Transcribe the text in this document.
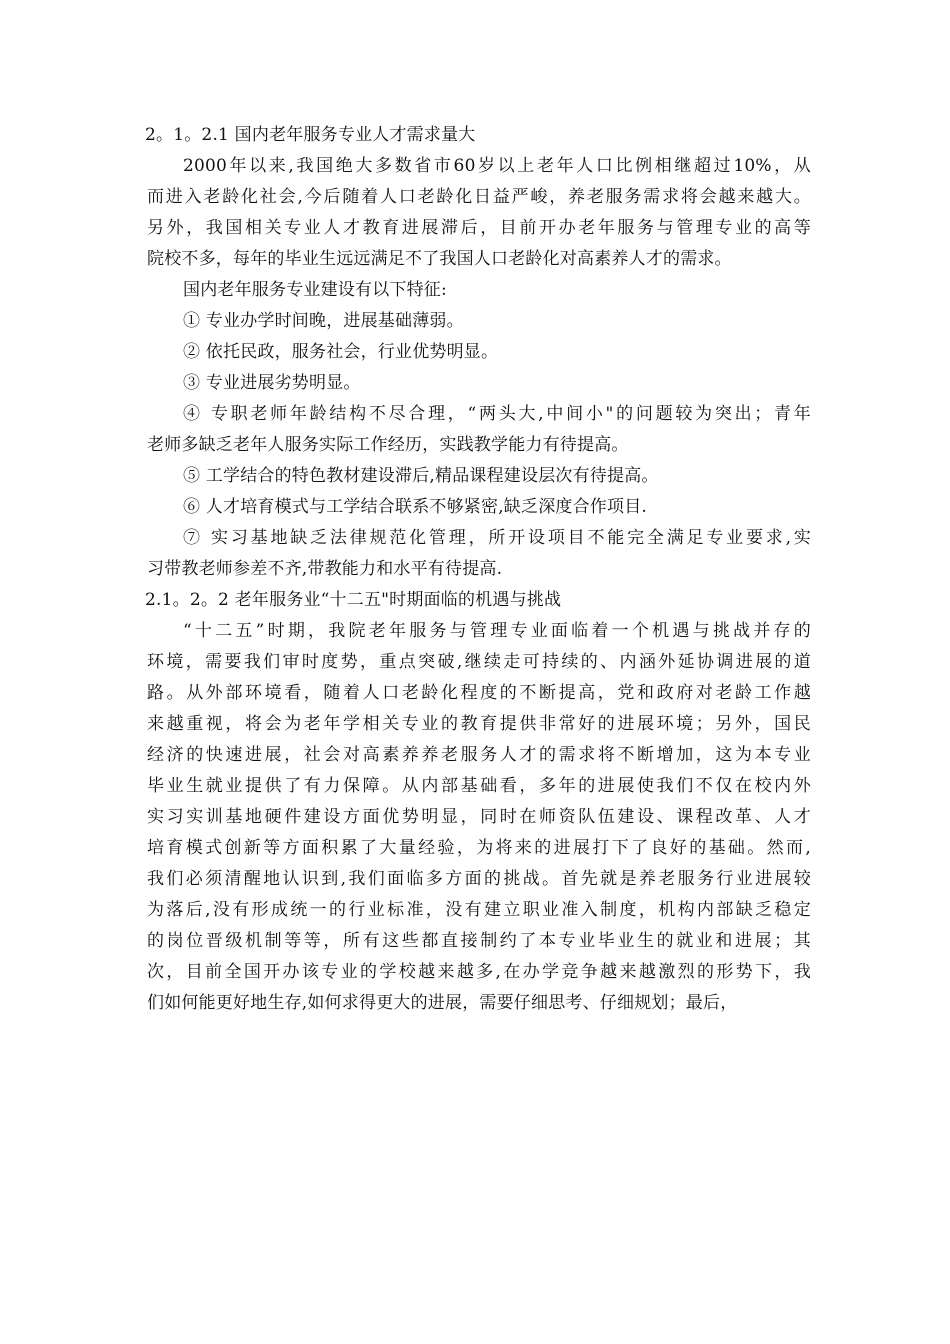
2。1。2.1 国内老年服务专业人才需求量大
2000年以来,我国绝大多数省市60岁以上老年人口比例相继超过10%，从
而进入老龄化社会,今后随着人口老龄化日益严峻，养老服务需求将会越来越大。
另外，我国相关专业人才教育进展滞后，目前开办老年服务与管理专业的高等
院校不多，每年的毕业生远远满足不了我国人口老龄化对高素养人才的需求。
国内老年服务专业建设有以下特征:
① 专业办学时间晚，进展基础薄弱。
② 依托民政，服务社会，行业优势明显。
③ 专业进展劣势明显。
④ 专职老师年龄结构不尽合理，“两头大,中间小"的问题较为突出；青年
老师多缺乏老年人服务实际工作经历，实践教学能力有待提高。
⑤ 工学结合的特色教材建设滞后,精品课程建设层次有待提高。
⑥ 人才培育模式与工学结合联系不够紧密,缺乏深度合作项目.
⑦ 实习基地缺乏法律规范化管理，所开设项目不能完全满足专业要求,实
习带教老师参差不齐,带教能力和水平有待提高.
2.1。2。2 老年服务业“十二五"时期面临的机遇与挑战
“十二五”时期，我院老年服务与管理专业面临着一个机遇与挑战并存的
环境，需要我们审时度势，重点突破,继续走可持续的、内涵外延协调进展的道
路。从外部环境看，随着人口老龄化程度的不断提高，党和政府对老龄工作越
来越重视，将会为老年学相关专业的教育提供非常好的进展环境；另外，国民
经济的快速进展，社会对高素养养老服务人才的需求将不断增加，这为本专业
毕业生就业提供了有力保障。从内部基础看，多年的进展使我们不仅在校内外
实习实训基地硬件建设方面优势明显，同时在师资队伍建设、课程改革、人才
培育模式创新等方面积累了大量经验，为将来的进展打下了良好的基础。然而,
我们必须清醒地认识到,我们面临多方面的挑战。首先就是养老服务行业进展较
为落后,没有形成统一的行业标准，没有建立职业准入制度，机构内部缺乏稳定
的岗位晋级机制等等，所有这些都直接制约了本专业毕业生的就业和进展；其
次，目前全国开办该专业的学校越来越多,在办学竞争越来越激烈的形势下，我
们如何能更好地生存,如何求得更大的进展，需要仔细思考、仔细规划；最后，
